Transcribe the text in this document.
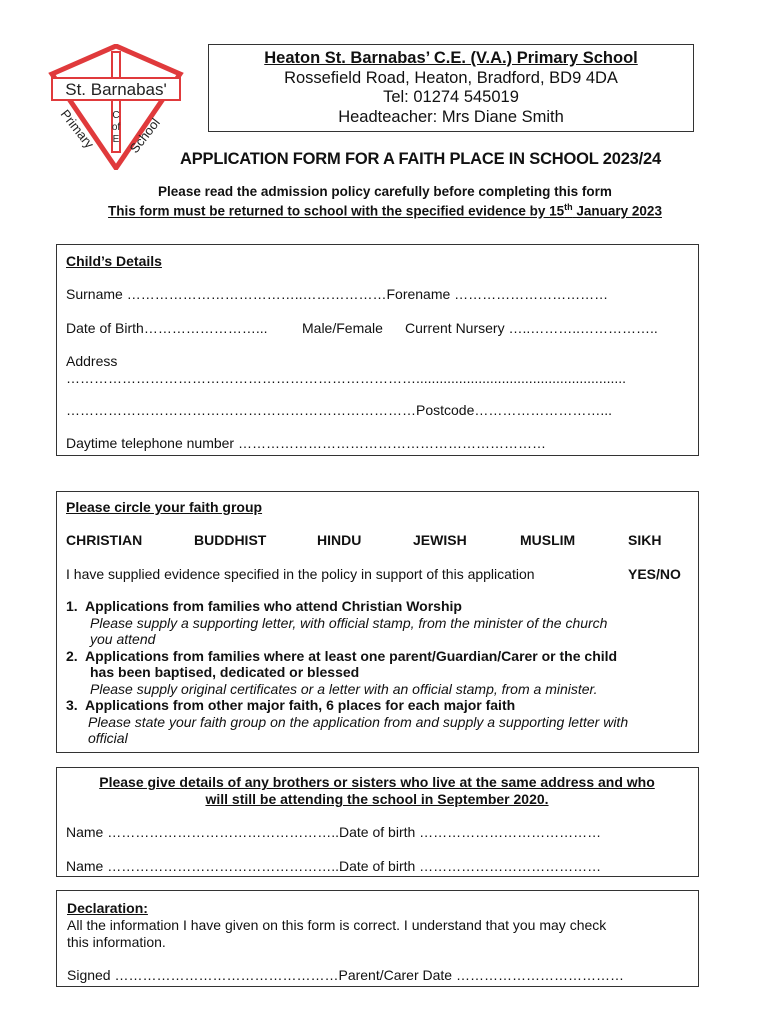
St. Barnabas'
Primary School
C
of
E
Heaton St. Barnabas’ C.E. (V.A.) Primary School
Rossefield Road, Heaton, Bradford, BD9 4DA
Tel: 01274 545019
Headteacher: Mrs Diane Smith
APPLICATION FORM FOR A FAITH PLACE IN SCHOOL 2023/24
Please read the admission policy carefully before completing this form
This form must be returned to school with the specified evidence by 15th January 2023
Child’s Details
Surname ………………………………..………………Forename ……………………………
Date of Birth……………………... Male/Female Current Nursery …..………..……………..
Address
…………………………………………………………………......................................................
…………………………………………………………………Postcode………………………...
Daytime telephone number …………………………………………………………
Please circle your faith group
CHRISTIAN	BUDDHIST	HINDU	JEWISH	MUSLIM	SIKH
I have supplied evidence specified in the policy in support of this application	YES/NO
1. Applications from families who attend Christian Worship
Please supply a supporting letter, with official stamp, from the minister of the church
you attend
2. Applications from families where at least one parent/Guardian/Carer or the child
has been baptised, dedicated or blessed
Please supply original certificates or a letter with an official stamp, from a minister.
3. Applications from other major faith, 6 places for each major faith
Please state your faith group on the application from and supply a supporting letter with
official
Please give details of any brothers or sisters who live at the same address and who
will still be attending the school in September 2020.
Name …………………………………………..Date of birth …………………………………
Name …………………………………………..Date of birth …………………………………
Declaration:
All the information I have given on this form is correct. I understand that you may check
this information.
Signed …………………………………………Parent/Carer Date ………………………………
